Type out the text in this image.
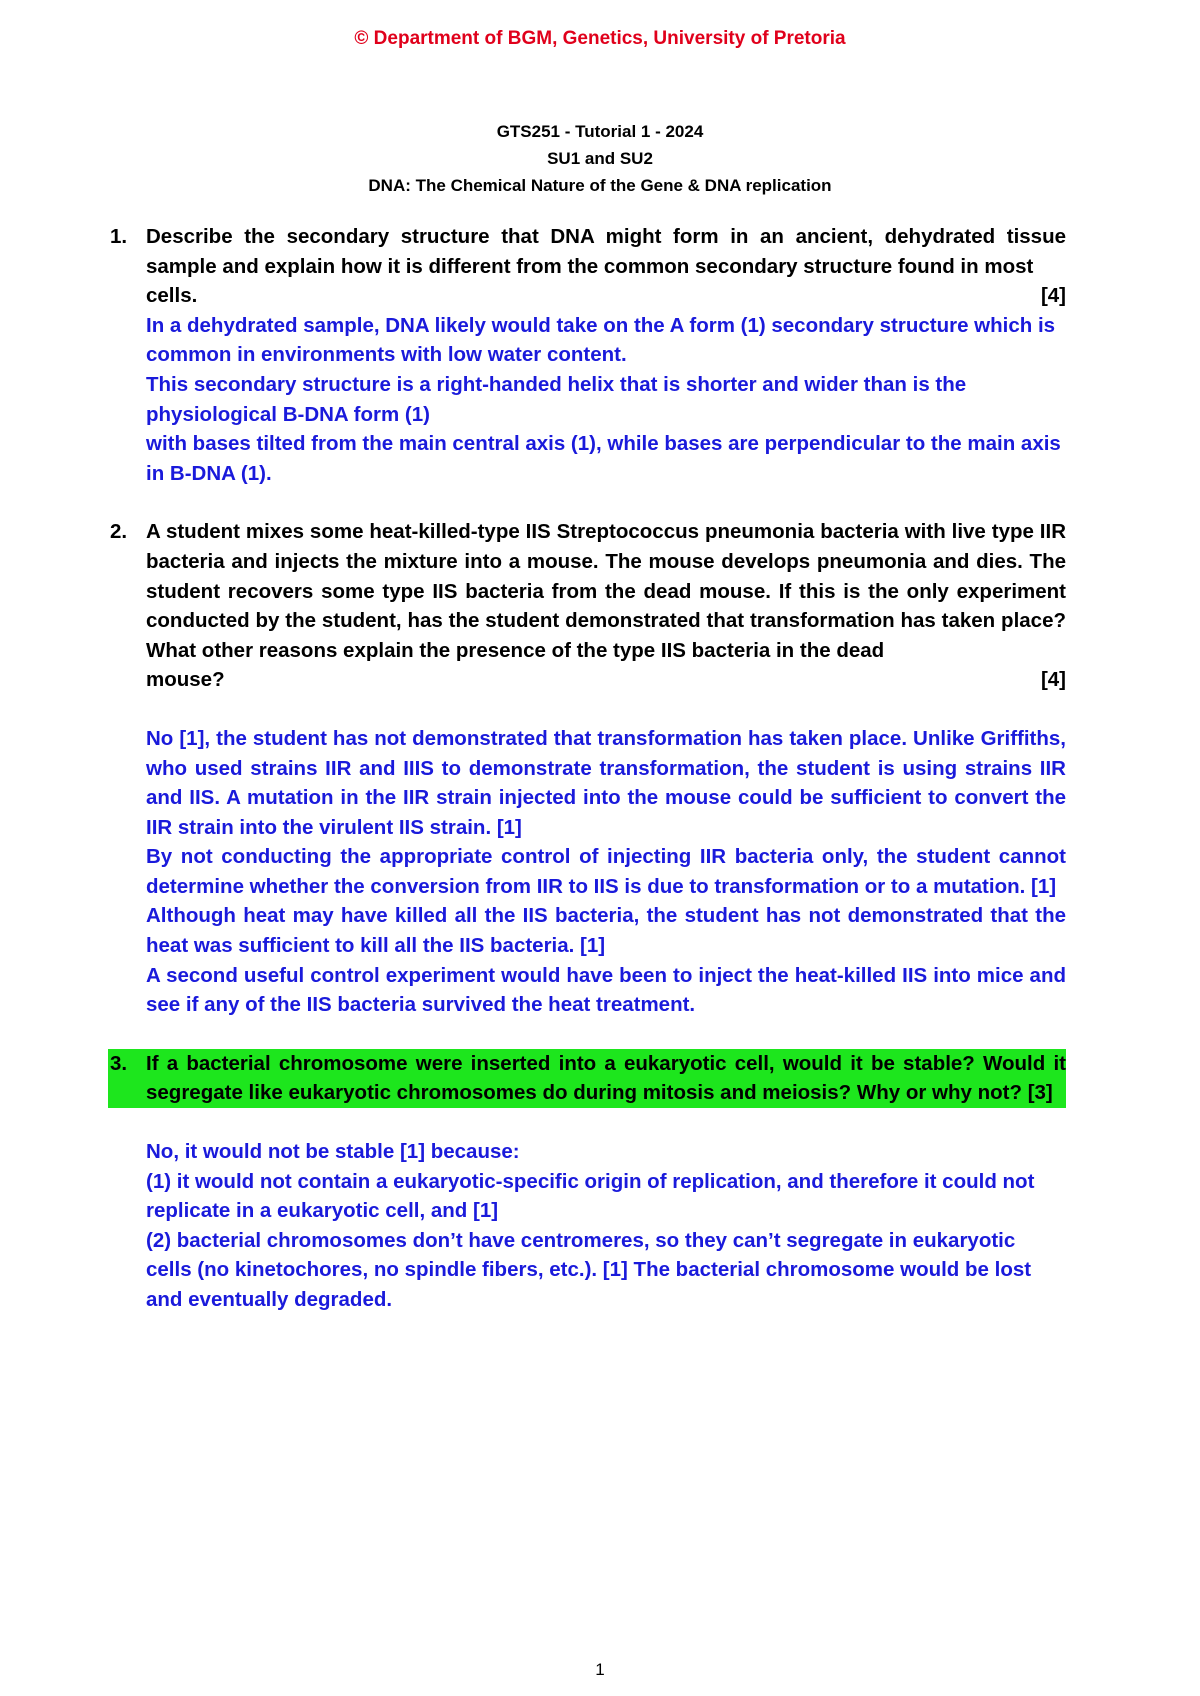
© Department of BGM, Genetics, University of Pretoria
GTS251 - Tutorial 1 - 2024
SU1 and SU2
DNA: The Chemical Nature of the Gene & DNA replication
1. Describe the secondary structure that DNA might form in an ancient, dehydrated tissue sample and explain how it is different from the common secondary structure found in most
cells.	[4]

In a dehydrated sample, DNA likely would take on the A form (1) secondary structure which is common in environments with low water content.

This secondary structure is a right-handed helix that is shorter and wider than is the physiological B-DNA form (1)

with bases tilted from the main central axis (1), while bases are perpendicular to the main axis in B-DNA (1).

2. A student mixes some heat-killed-type IIS Streptococcus pneumonia bacteria with live type IIR bacteria and injects the mixture into a mouse. The mouse develops pneumonia and dies. The student recovers some type IIS bacteria from the dead mouse. If this is the only experiment conducted by the student, has the student demonstrated that transformation has taken place? What other reasons explain the presence of the type IIS bacteria in the dead
mouse?	[4]

No [1], the student has not demonstrated that transformation has taken place. Unlike Griffiths, who used strains IIR and IIIS to demonstrate transformation, the student is using strains IIR and IIS. A mutation in the IIR strain injected into the mouse could be sufficient to convert the IIR strain into the virulent IIS strain. [1]

By not conducting the appropriate control of injecting IIR bacteria only, the student cannot determine whether the conversion from IIR to IIS is due to transformation or to a mutation. [1]

Although heat may have killed all the IIS bacteria, the student has not demonstrated that the heat was sufficient to kill all the IIS bacteria. [1]

A second useful control experiment would have been to inject the heat-killed IIS into mice and see if any of the IIS bacteria survived the heat treatment.

3. If a bacterial chromosome were inserted into a eukaryotic cell, would it be stable? Would it segregate like eukaryotic chromosomes do during mitosis and meiosis? Why or why not? [3]

No, it would not be stable [1] because:

(1) it would not contain a eukaryotic-specific origin of replication, and therefore it could not replicate in a eukaryotic cell, and [1]

(2) bacterial chromosomes don’t have centromeres, so they can’t segregate in eukaryotic cells (no kinetochores, no spindle fibers, etc.). [1] The bacterial chromosome would be lost and eventually degraded.

1
